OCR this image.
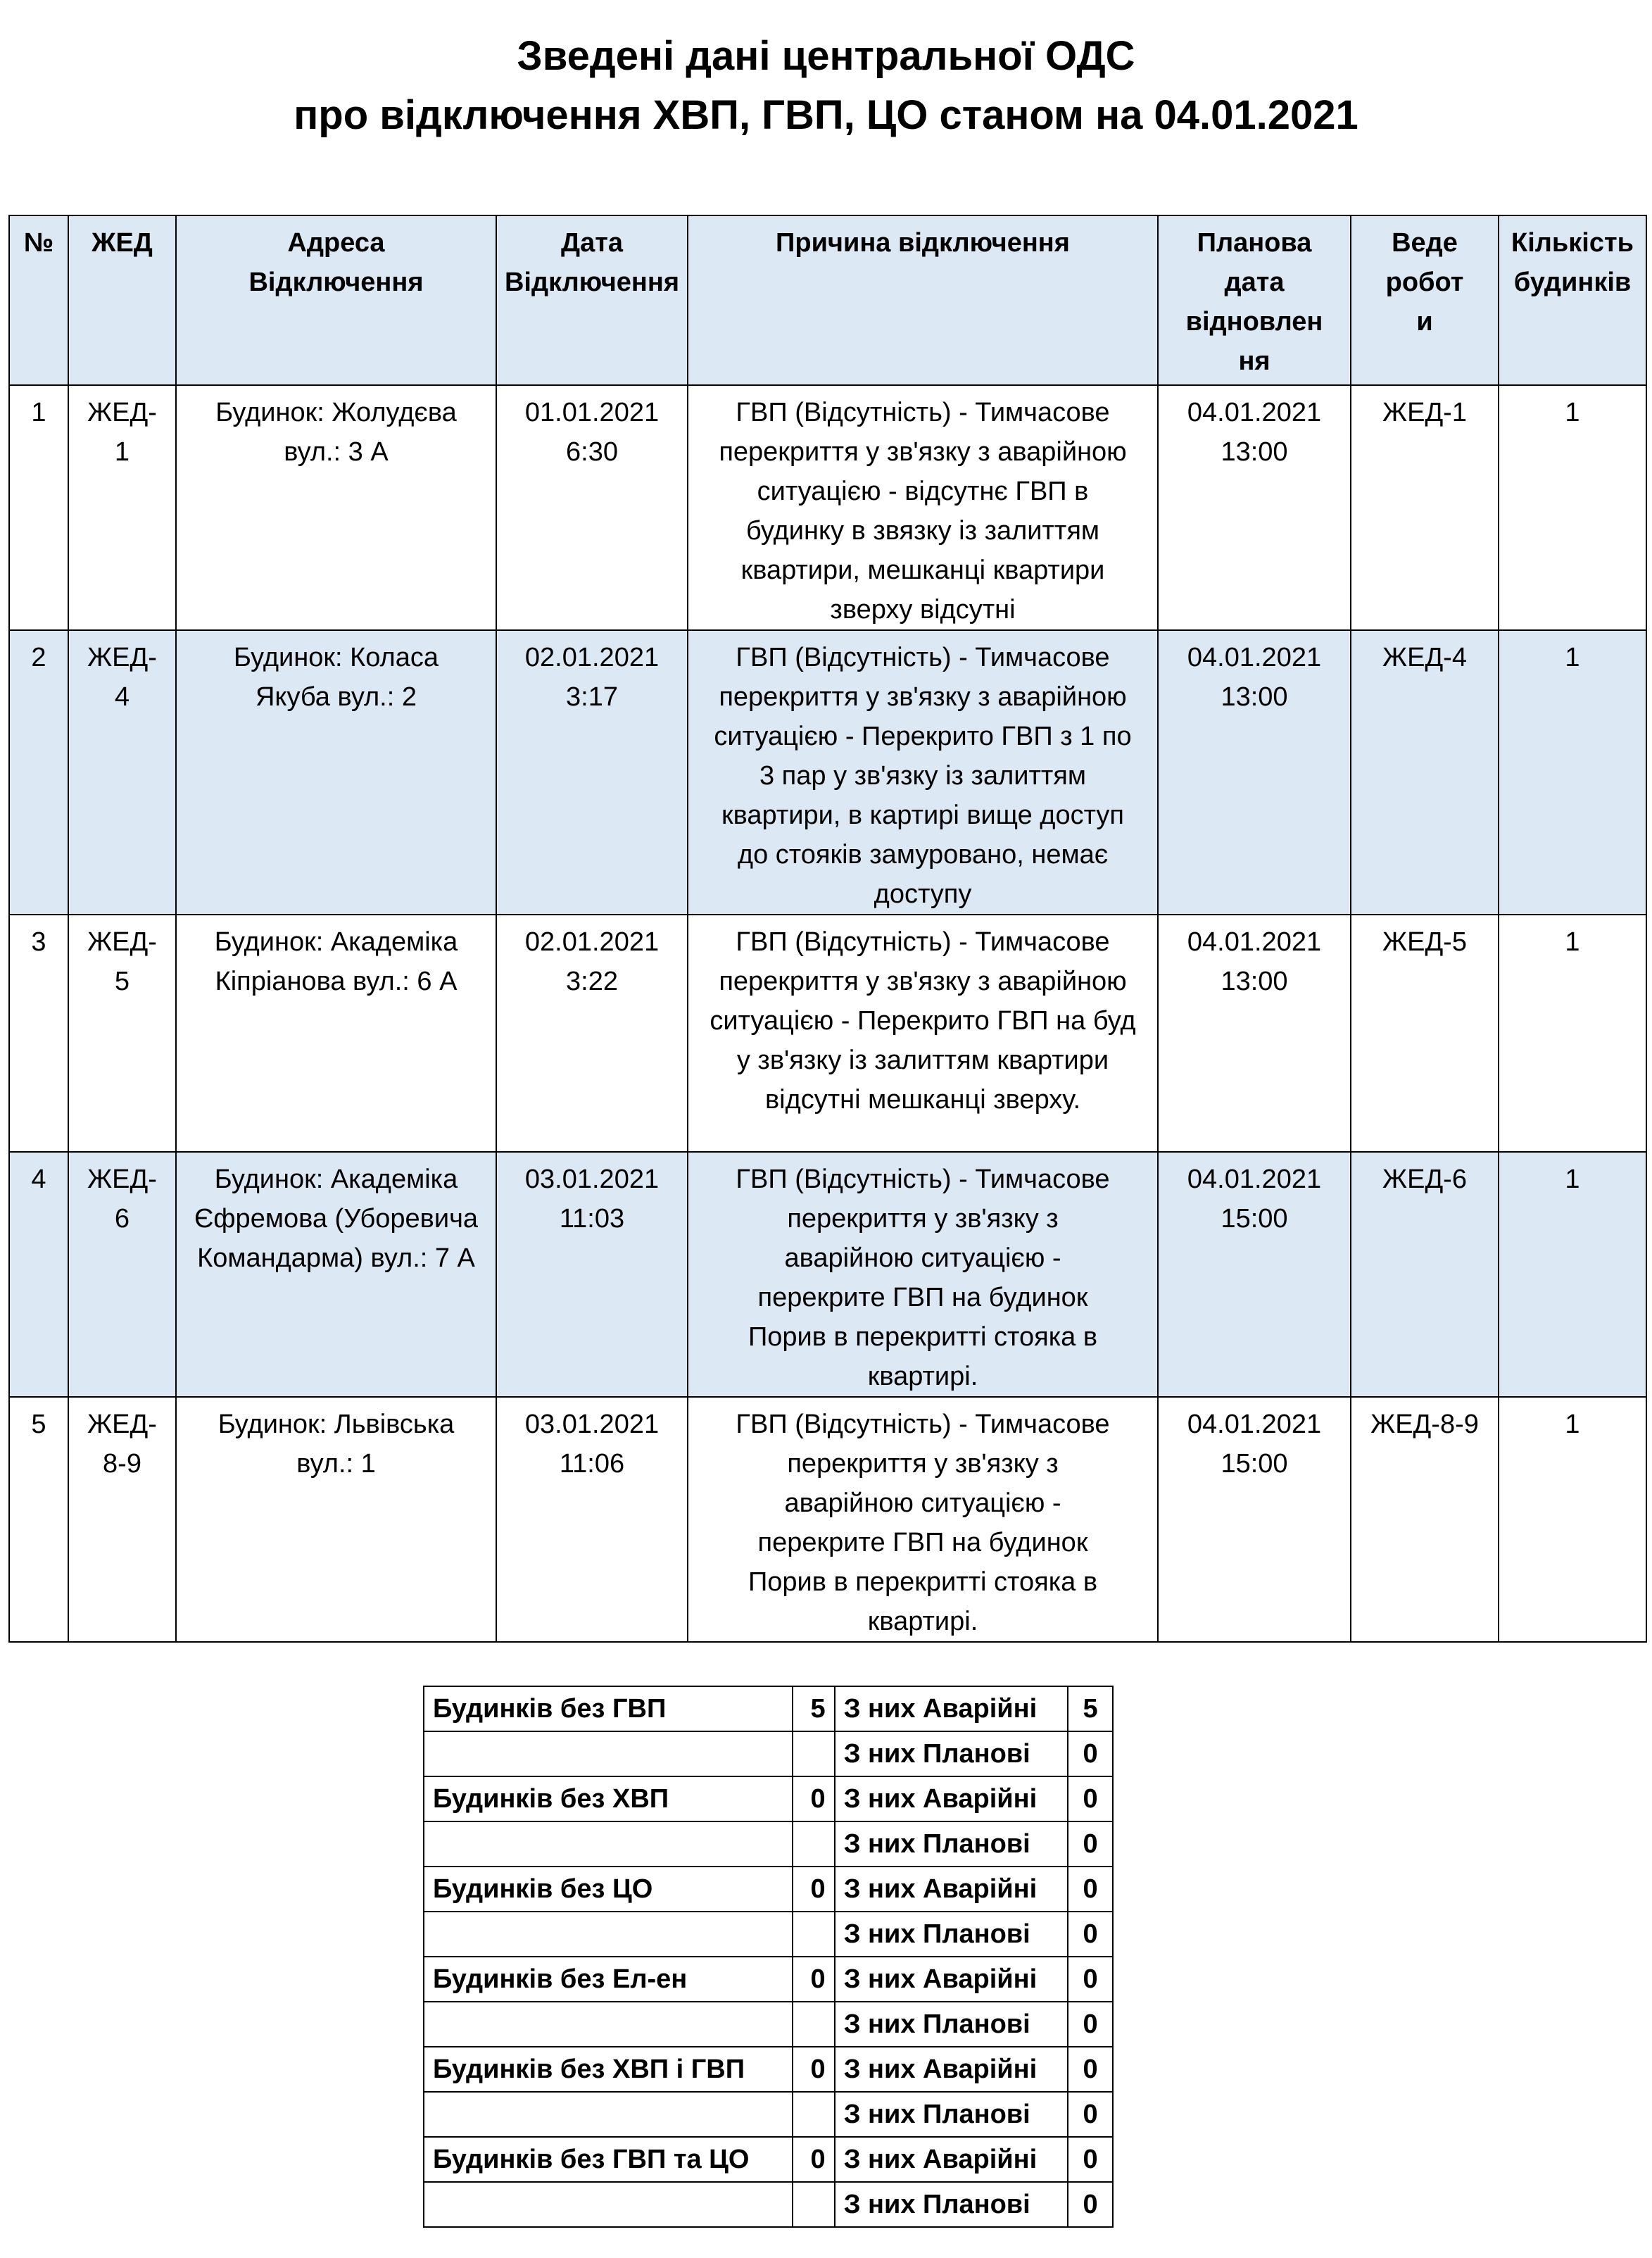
Зведені дані центральної ОДС
про відключення ХВП, ГВП, ЦО станом на 04.01.2021
№	ЖЕД	Адреса Відключення	Дата Відключення	Причина відключення	Планова дата відновлення	Веде роботи	Кількість будинків
1	ЖЕД-1	Будинок: Жолудєва вул.: 3 А	01.01.2021 6:30	ГВП (Відсутність) - Тимчасове перекриття у зв'язку з аварійною ситуацією - відсутнє ГВП в будинку в звязку із залиттям квартири, мешканці квартири зверху відсутні	04.01.2021 13:00	ЖЕД-1	1
2	ЖЕД-4	Будинок: Коласа Якуба вул.: 2	02.01.2021 3:17	ГВП (Відсутність) - Тимчасове перекриття у зв'язку з аварійною ситуацією - Перекрито ГВП з 1 по 3 пар у зв'язку із залиттям квартири, в картирі вище доступ до стояків замуровано, немає доступу	04.01.2021 13:00	ЖЕД-4	1
3	ЖЕД-5	Будинок: Академіка Кіпріанова вул.: 6 А	02.01.2021 3:22	ГВП (Відсутність) - Тимчасове перекриття у зв'язку з аварійною ситуацією - Перекрито ГВП на буд у зв'язку із залиттям квартири відсутні мешканці зверху.	04.01.2021 13:00	ЖЕД-5	1
4	ЖЕД-6	Будинок: Академіка Єфремова (Уборевича Командарма) вул.: 7 А	03.01.2021 11:03	ГВП (Відсутність) - Тимчасове перекриття у зв'язку з аварійною ситуацією - перекрите ГВП на будинок Порив в перекритті стояка в квартирі.	04.01.2021 15:00	ЖЕД-6	1
5	ЖЕД-8-9	Будинок: Львівська вул.: 1	03.01.2021 11:06	ГВП (Відсутність) - Тимчасове перекриття у зв'язку з аварійною ситуацією - перекрите ГВП на будинок Порив в перекритті стояка в квартирі.	04.01.2021 15:00	ЖЕД-8-9	1
Будинків без ГВП	5	З них Аварійні	5
		З них Планові	0
Будинків без ХВП	0	З них Аварійні	0
		З них Планові	0
Будинків без ЦО	0	З них Аварійні	0
		З них Планові	0
Будинків без Ел-ен	0	З них Аварійні	0
		З них Планові	0
Будинків без ХВП і ГВП	0	З них Аварійні	0
		З них Планові	0
Будинків без ГВП та ЦО	0	З них Аварійні	0
		З них Планові	0
